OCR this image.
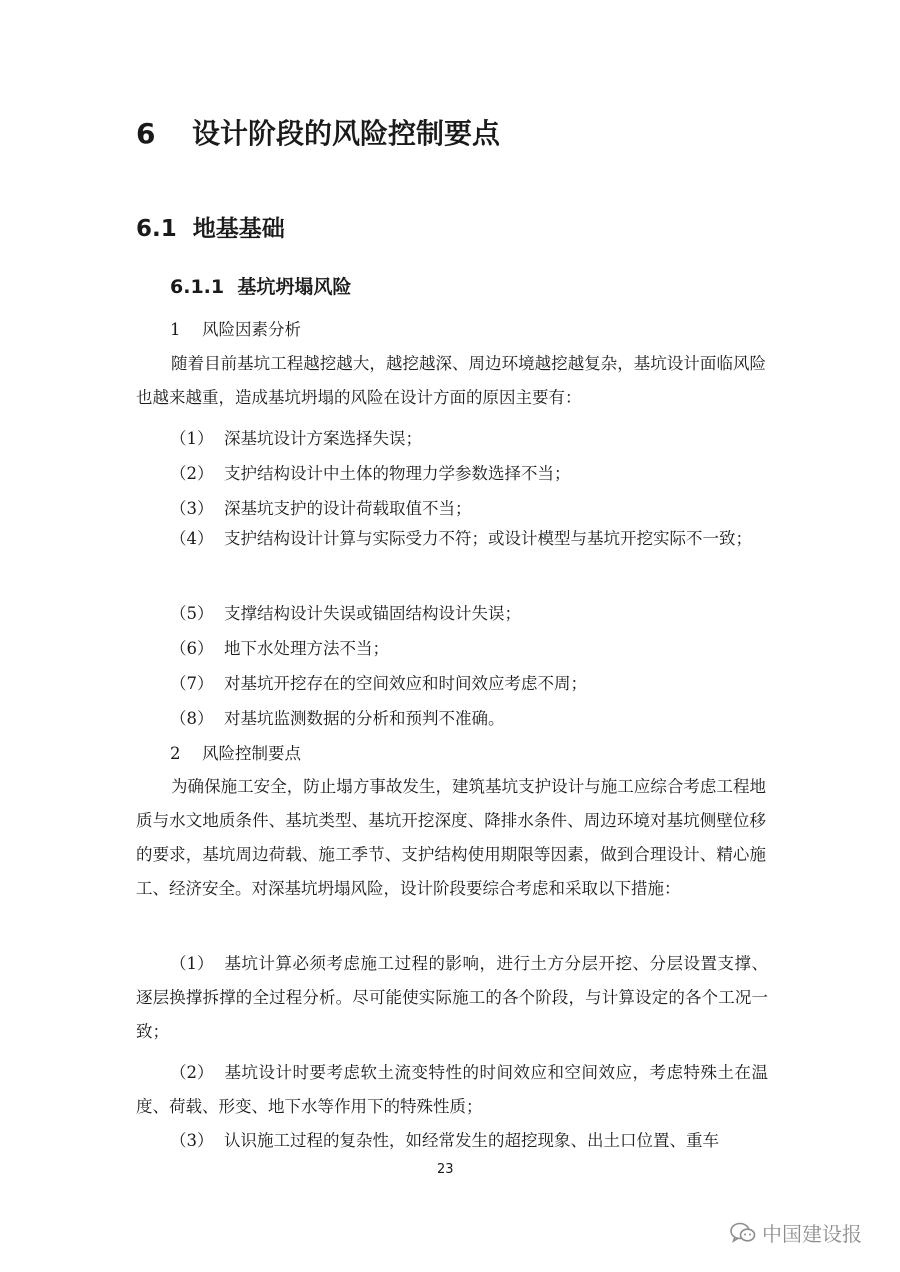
6 设计阶段的风险控制要点
6.1  地基基础
6.1.1  基坑坍塌风险
1 风险因素分析
随着目前基坑工程越挖越大，越挖越深、周边环境越挖越复杂，基坑设计面临风险也越来越重，造成基坑坍塌的风险在设计方面的原因主要有：
（1） 深基坑设计方案选择失误；
（2） 支护结构设计中土体的物理力学参数选择不当；
（3） 深基坑支护的设计荷载取值不当；
（4） 支护结构设计计算与实际受力不符；或设计模型与基坑开挖实际不一致；
（5） 支撑结构设计失误或锚固结构设计失误；
（6） 地下水处理方法不当；
（7） 对基坑开挖存在的空间效应和时间效应考虑不周；
（8） 对基坑监测数据的分析和预判不准确。
2 风险控制要点
为确保施工安全，防止塌方事故发生，建筑基坑支护设计与施工应综合考虑工程地质与水文地质条件、基坑类型、基坑开挖深度、降排水条件、周边环境对基坑侧壁位移的要求，基坑周边荷载、施工季节、支护结构使用期限等因素，做到合理设计、精心施工、经济安全。对深基坑坍塌风险，设计阶段要综合考虑和采取以下措施：
（1） 基坑计算必须考虑施工过程的影响，进行土方分层开挖、分层设置支撑、逐层换撑拆撑的全过程分析。尽可能使实际施工的各个阶段，与计算设定的各个工况一致；
（2） 基坑设计时要考虑软土流变特性的时间效应和空间效应，考虑特殊土在温度、荷载、形变、地下水等作用下的特殊性质；
（3） 认识施工过程的复杂性，如经常发生的超挖现象、出土口位置、重车
23
中国建设报
